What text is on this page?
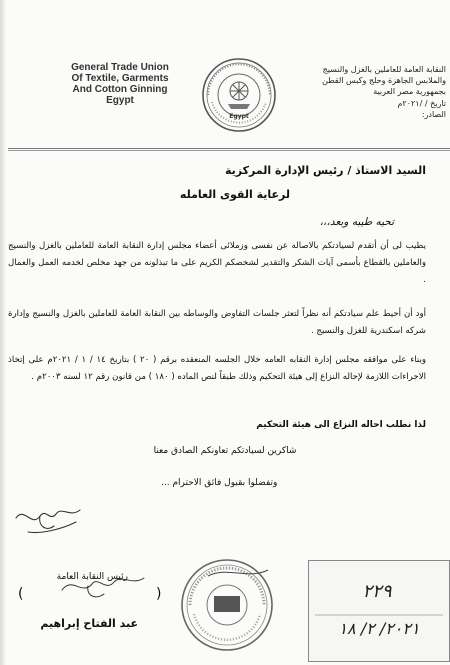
General Trade Union
Of Textile, Garments
And Cotton Ginning
Egypt
Egypt
النقابة العامة للعاملين بالغزل والنسيج
والملابس الجاهزة وحلج وكبس القطن
بجمهورية مصر العربية
تاريخ / /٢٠٢١م
الصادر:
السيد الاستاذ / رئيس الإدارة المركزية
لرعاية القوى العامله
تحيه طيبه وبعد،،،
يطيب لى أن أتقدم لسيادتكم بالاصاله عن نفسى وزملائى أعضاء مجلس إدارة النقابة العامة للعاملين بالغزل والنسيج والعاملين بالقطاع بأسمى آيات الشكر والتقدير لشخصكم الكريم على ما تبذلونه من جهد مخلص لخدمه العمل والعمال .
أود أن أحيط علم سيادتكم أنه نظراً لتعثر جلسات التفاوض والوساطه بين النقابة العامة للعاملين بالغزل والنسيج وإدارة شركه اسكندرية للغزل والنسيج .
وبناء على موافقه مجلس إدارة النقابه العامه خلال الجلسه المنعقده برقم ( ٢٠ ) بتاريخ ١٤ / ١ / ٢٠٢١م على إتخاذ الاجراءات اللازمة لإحاله النزاع إلى هيئة التحكيم وذلك طبقاً لنص الماده ( ١٨٠ ) من قانون رقم ١٢ لسنه ٢٠٠٣م .
لذا نطلب احاله النزاع الى هيئة التحكيم
شاكرين لسيادتكم تعاونكم الصادق معنا
وتفضلوا بقبول فائق الاحترام ...
رئيس النقابة العامة
(	)
عبد الفتاح إبراهيم
٢٢٩
٢٠٢١/ ٢/ ١٨
